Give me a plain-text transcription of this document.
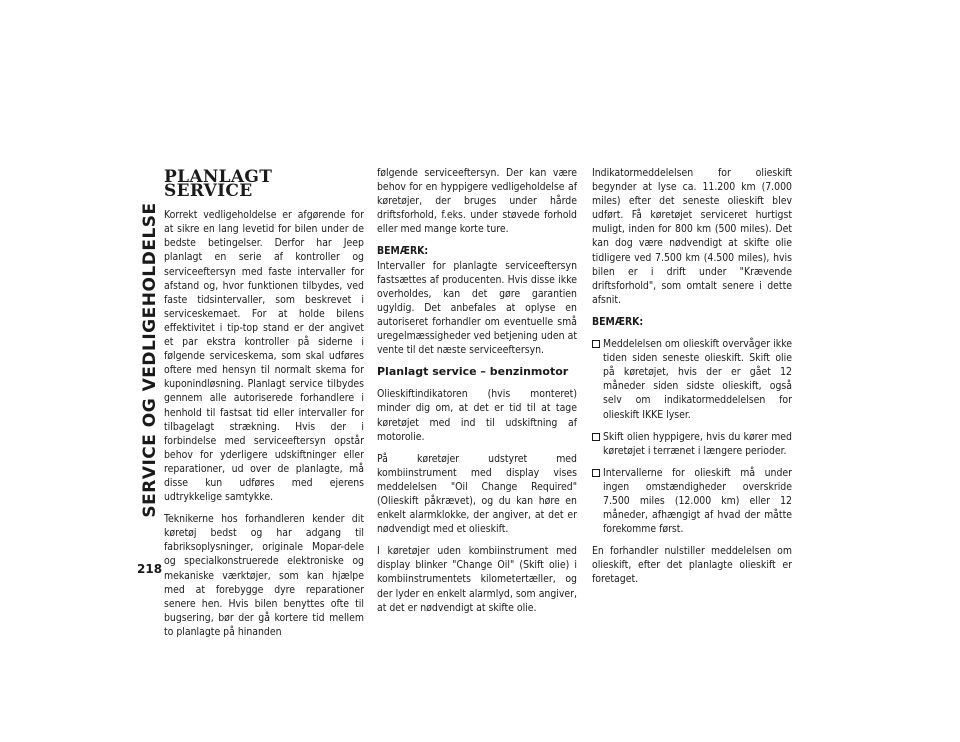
SERVICE OG VEDLIGEHOLDELSE
218
PLANLAGT SERVICE

Korrekt vedligeholdelse er afgørende for at sikre en lang levetid for bilen under de bedste betingelser. Derfor har Jeep planlagt en serie af kontroller og serviceeftersyn med faste intervaller for afstand og, hvor funktionen tilbydes, ved faste tidsintervaller, som beskrevet i serviceskemaet. For at holde bilens effektivitet i tip-top stand er der angivet et par ekstra kontroller på siderne i følgende serviceskema, som skal udføres oftere med hensyn til normalt skema for kuponindløsning. Planlagt service tilbydes gennem alle autoriserede forhandlere i henhold til fastsat tid eller intervaller for tilbagelagt strækning. Hvis der i forbindelse med serviceeftersyn opstår behov for yderligere udskiftninger eller reparationer, ud over de planlagte, må disse kun udføres med ejerens udtrykkelige samtykke.

Teknikerne hos forhandleren kender dit køretøj bedst og har adgang til fabriksoplysninger, originale Mopar-dele og specialkonstruerede elektroniske og mekaniske værktøjer, som kan hjælpe med at forebygge dyre reparationer senere hen. Hvis bilen benyttes ofte til bugsering, bør der gå kortere tid mellem to planlagte på hinanden

følgende serviceeftersyn. Der kan være behov for en hyppigere vedligeholdelse af køretøjer, der bruges under hårde driftsforhold, f.eks. under støvede forhold eller med mange korte ture.

BEMÆRK:

Intervaller for planlagte serviceeftersyn fastsættes af producenten. Hvis disse ikke overholdes, kan det gøre garantien ugyldig. Det anbefales at oplyse en autoriseret forhandler om eventuelle små uregelmæssigheder ved betjening uden at vente til det næste serviceeftersyn.

Planlagt service – benzinmotor

Olieskiftindikatoren (hvis monteret) minder dig om, at det er tid til at tage køretøjet med ind til udskiftning af motorolie.

På køretøjer udstyret med kombiinstrument med display vises meddelelsen "Oil Change Required" (Olieskift påkrævet), og du kan høre en enkelt alarmklokke, der angiver, at det er nødvendigt med et olieskift.

I køretøjer uden kombiinstrument med display blinker "Change Oil" (Skift olie) i kombiinstrumentets kilometertæller, og der lyder en enkelt alarmlyd, som angiver, at det er nødvendigt at skifte olie.

Indikatormeddelelsen for olieskift begynder at lyse ca. 11.200 km (7.000 miles) efter det seneste olieskift blev udført. Få køretøjet serviceret hurtigst muligt, inden for 800 km (500 miles). Det kan dog være nødvendigt at skifte olie tidligere ved 7.500 km (4.500 miles), hvis bilen er i drift under "Krævende driftsforhold", som omtalt senere i dette afsnit.

BEMÆRK:

Meddelelsen om olieskift overvåger ikke tiden siden seneste olieskift. Skift olie på køretøjet, hvis der er gået 12 måneder siden sidste olieskift, også selv om indikatormeddelelsen for olieskift IKKE lyser.
Skift olien hyppigere, hvis du kører med køretøjet i terrænet i længere perioder.
Intervallerne for olieskift må under ingen omstændigheder overskride 7.500 miles (12.000 km) eller 12 måneder, afhængigt af hvad der måtte forekomme først.

En forhandler nulstiller meddelelsen om olieskift, efter det planlagte olieskift er foretaget.
